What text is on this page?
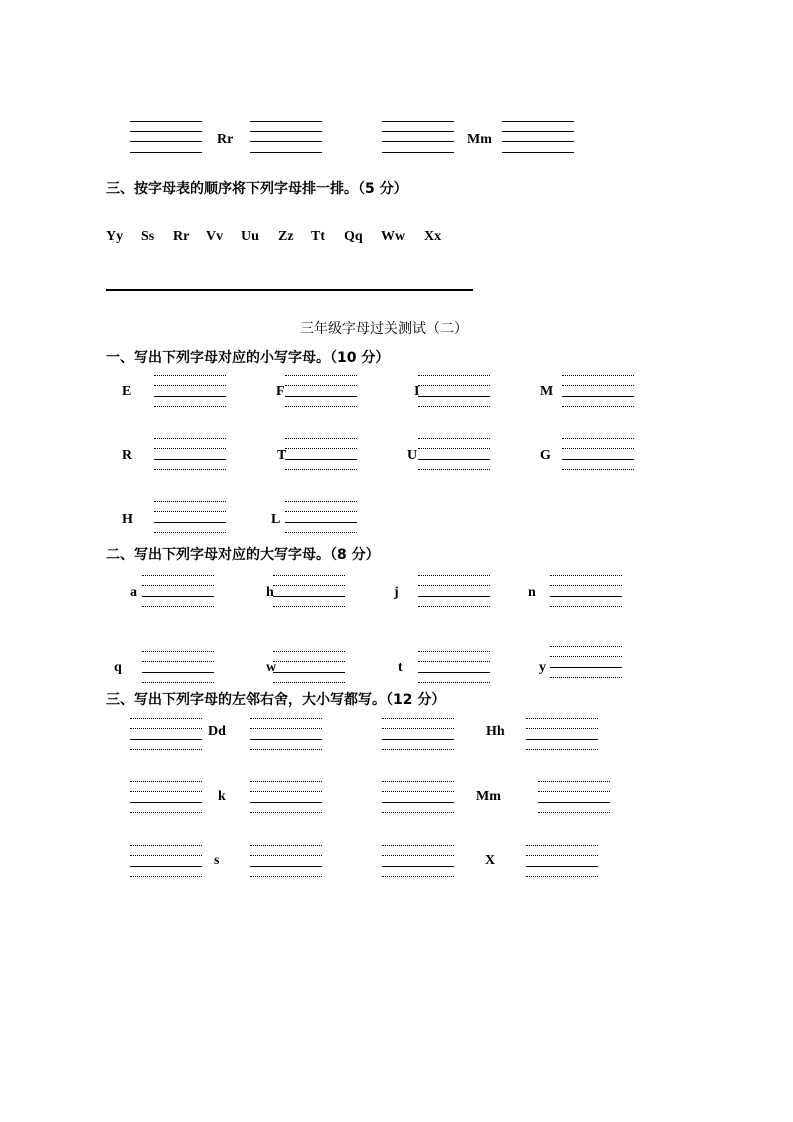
Rr	Mm
三、按字母表的顺序将下列字母排一排。（5 分）
Yy Ss Rr Vv Uu Zz Tt Qq Ww Xx
三年级字母过关测试（二）
一、写出下列字母对应的小写字母。（10 分）
E	F	I	M
R	T	U	G
H	L
二、写出下列字母对应的大写字母。（8 分）
a	h	j	n
q	w	t	y
三、写出下列字母的左邻右舍，大小写都写。（12 分）
Dd	Hh
k	Mm
s	X
